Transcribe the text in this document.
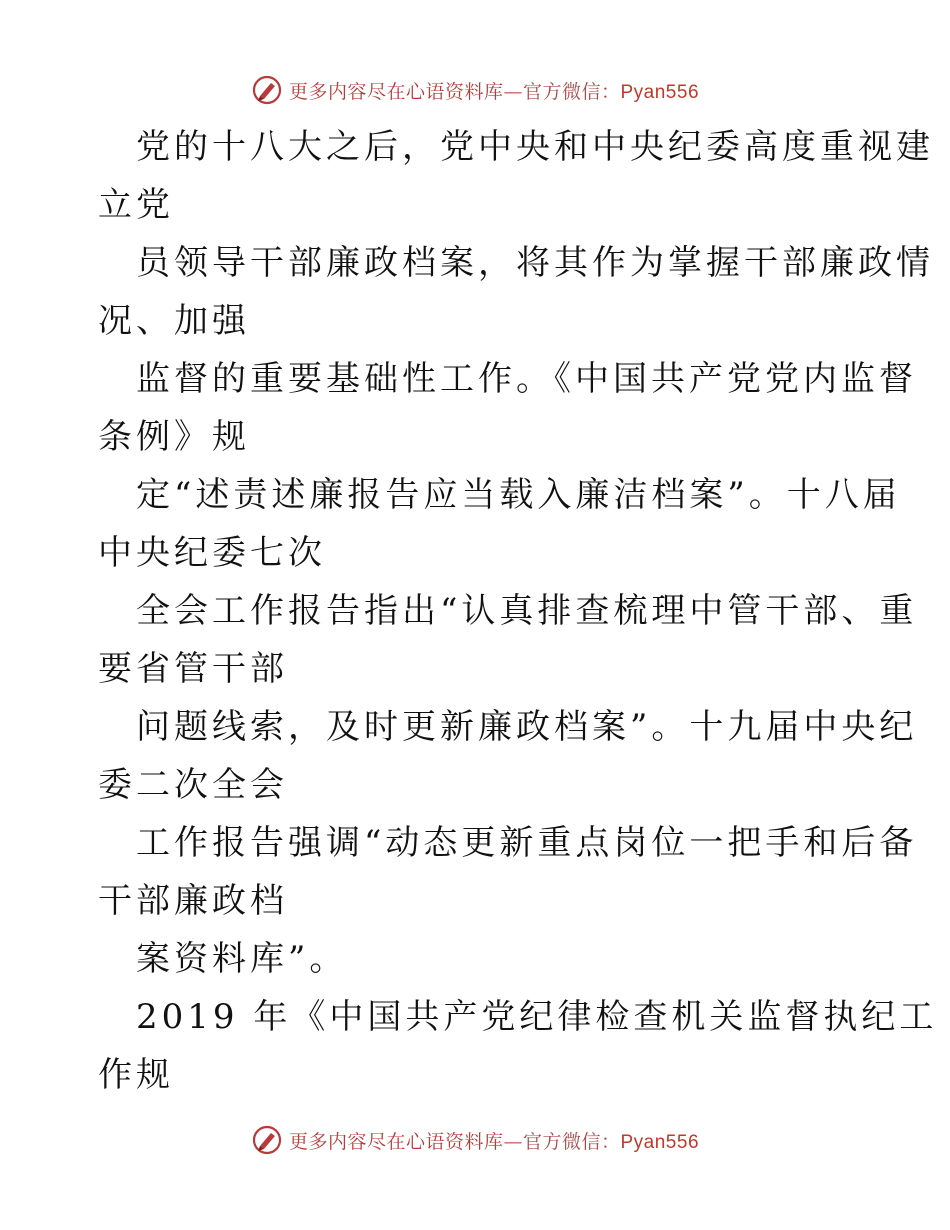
更多内容尽在心语资料库—官方微信：Pyan556
党的十八大之后，党中央和中央纪委高度重视建
立党
员领导干部廉政档案，将其作为掌握干部廉政情
况、加强
监督的重要基础性工作。《中国共产党党内监督
条例》规
定“述责述廉报告应当载入廉洁档案”。十八届
中央纪委七次
全会工作报告指出“认真排查梳理中管干部、重
要省管干部
问题线索，及时更新廉政档案”。十九届中央纪
委二次全会
工作报告强调“动态更新重点岗位一把手和后备
干部廉政档
案资料库”。
2019 年《中国共产党纪律检查机关监督执纪工
作规
更多内容尽在心语资料库—官方微信：Pyan556
